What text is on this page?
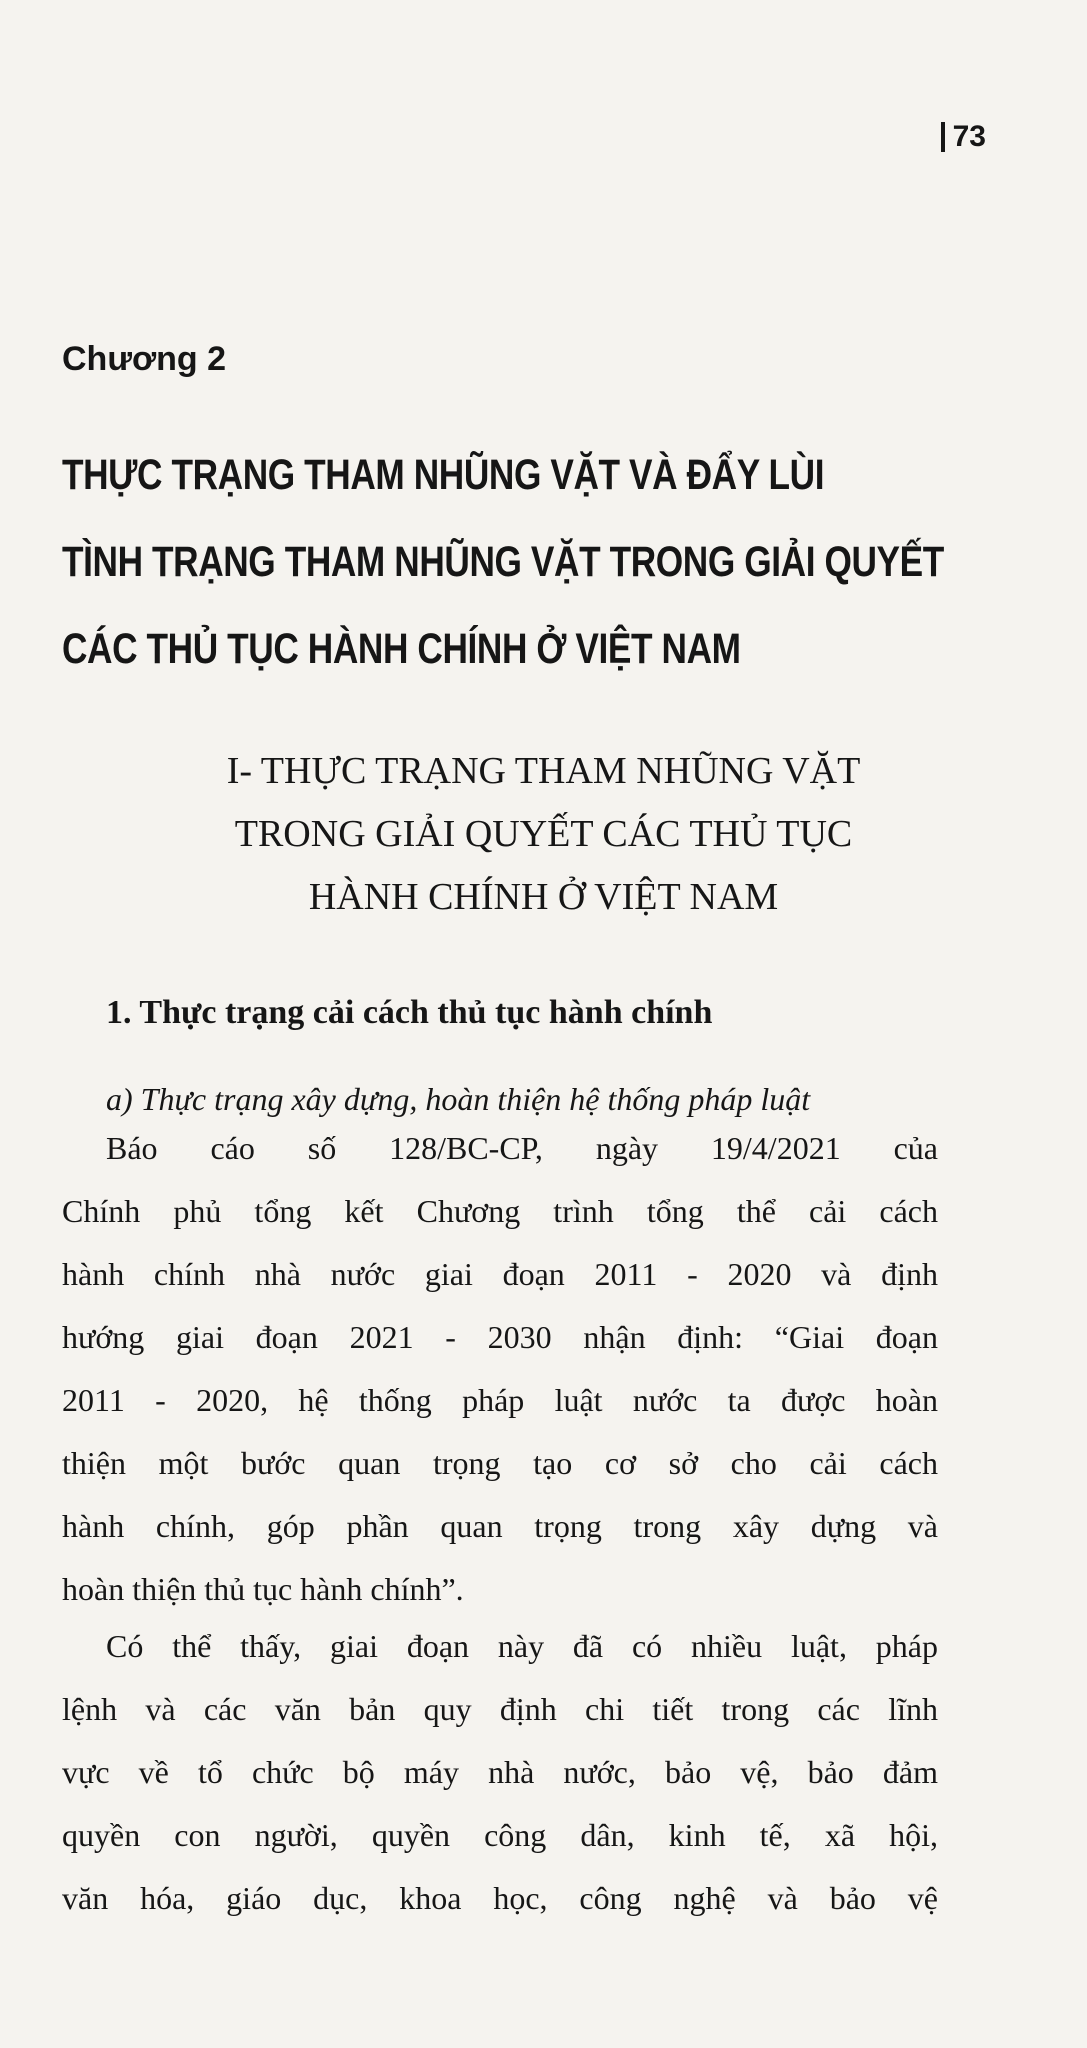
73
Chương 2
THỰC TRẠNG THAM NHŨNG VẶT VÀ ĐẨY LÙI
TÌNH TRẠNG THAM NHŨNG VẶT TRONG GIẢI QUYẾT
CÁC THỦ TỤC HÀNH CHÍNH Ở VIỆT NAM
I- THỰC TRẠNG THAM NHŨNG VẶT
TRONG GIẢI QUYẾT CÁC THỦ TỤC
HÀNH CHÍNH Ở VIỆT NAM
1. Thực trạng cải cách thủ tục hành chính
a) Thực trạng xây dựng, hoàn thiện hệ thống pháp luật
Báo cáo số 128/BC-CP, ngày 19/4/2021 của
Chính phủ tổng kết Chương trình tổng thể cải cách
hành chính nhà nước giai đoạn 2011 - 2020 và định
hướng giai đoạn 2021 - 2030 nhận định: “Giai đoạn
2011 - 2020, hệ thống pháp luật nước ta được hoàn
thiện một bước quan trọng tạo cơ sở cho cải cách
hành chính, góp phần quan trọng trong xây dựng và
hoàn thiện thủ tục hành chính”.
Có thể thấy, giai đoạn này đã có nhiều luật, pháp
lệnh và các văn bản quy định chi tiết trong các lĩnh
vực về tổ chức bộ máy nhà nước, bảo vệ, bảo đảm
quyền con người, quyền công dân, kinh tế, xã hội,
văn hóa, giáo dục, khoa học, công nghệ và bảo vệ
